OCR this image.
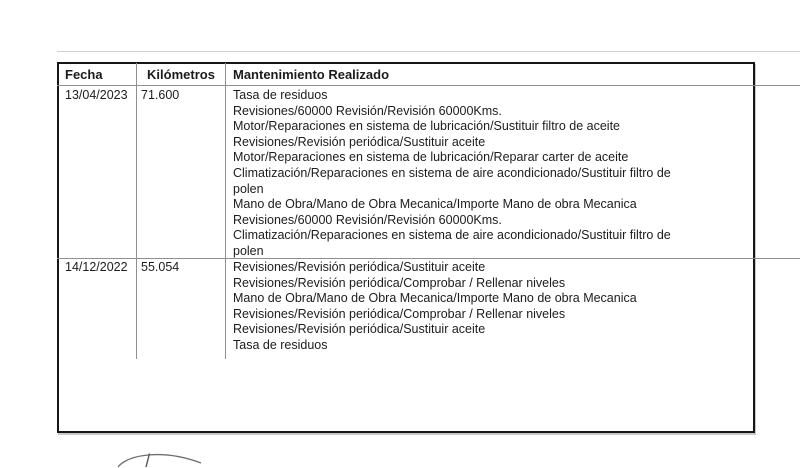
Fecha	Kilómetros	Mantenimiento Realizado
13/04/2023 71.600	Tasa de residuos
Revisiones/60000 Revisión/Revisión 60000Kms.
Motor/Reparaciones en sistema de lubricación/Sustituir filtro de aceite
Revisiones/Revisión periódica/Sustituir aceite
Motor/Reparaciones en sistema de lubricación/Reparar carter de aceite
Climatización/Reparaciones en sistema de aire acondicionado/Sustituir filtro de
polen
Mano de Obra/Mano de Obra Mecanica/Importe Mano de obra Mecanica
Revisiones/60000 Revisión/Revisión 60000Kms.
Climatización/Reparaciones en sistema de aire acondicionado/Sustituir filtro de
polen
14/12/2022 55.054	Revisiones/Revisión periódica/Sustituir aceite
Revisiones/Revisión periódica/Comprobar / Rellenar niveles
Mano de Obra/Mano de Obra Mecanica/Importe Mano de obra Mecanica
Revisiones/Revisión periódica/Comprobar / Rellenar niveles
Revisiones/Revisión periódica/Sustituir aceite
Tasa de residuos
